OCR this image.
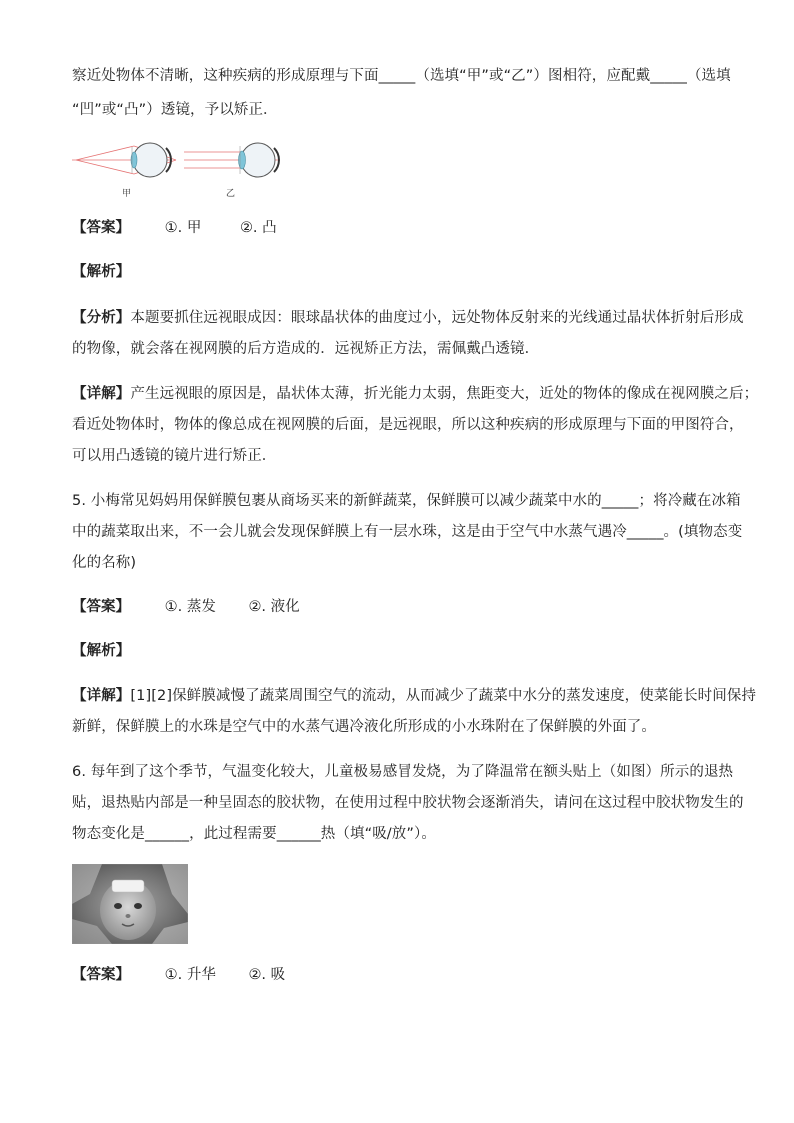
察近处物体不清晰，这种疾病的形成原理与下面_____（选填“甲”或“乙”）图相符，应配戴_____（选填
“凹”或“凸”）透镜，予以矫正．
甲	乙
【答案】 ①. 甲	②. 凸
【解析】
【分析】本题要抓住远视眼成因：眼球晶状体的曲度过小，远处物体反射来的光线通过晶状体折射后形成
的物像，就会落在视网膜的后方造成的．远视矫正方法，需佩戴凸透镜．
【详解】产生远视眼的原因是，晶状体太薄，折光能力太弱，焦距变大，近处的物体的像成在视网膜之后；
看近处物体时，物体的像总成在视网膜的后面，是远视眼，所以这种疾病的形成原理与下面的甲图符合，
可以用凸透镜的镜片进行矫正．
5. 小梅常见妈妈用保鲜膜包裹从商场买来的新鲜蔬菜，保鲜膜可以减少蔬菜中水的_____；将冷藏在冰箱
中的蔬菜取出来，不一会儿就会发现保鲜膜上有一层水珠，这是由于空气中水蒸气遇冷_____。(填物态变
化的名称)
【答案】 ①. 蒸发 ②. 液化
【解析】
【详解】[1][2]保鲜膜减慢了蔬菜周围空气的流动，从而减少了蔬菜中水分的蒸发速度，使菜能长时间保持
新鲜，保鲜膜上的水珠是空气中的水蒸气遇冷液化所形成的小水珠附在了保鲜膜的外面了。
6. 每年到了这个季节，气温变化较大，儿童极易感冒发烧，为了降温常在额头贴上（如图）所示的退热
贴，退热贴内部是一种呈固态的胶状物，在使用过程中胶状物会逐渐消失，请问在这过程中胶状物发生的
物态变化是______，此过程需要______热（填“吸/放”）。
【答案】 ①. 升华 ②. 吸
